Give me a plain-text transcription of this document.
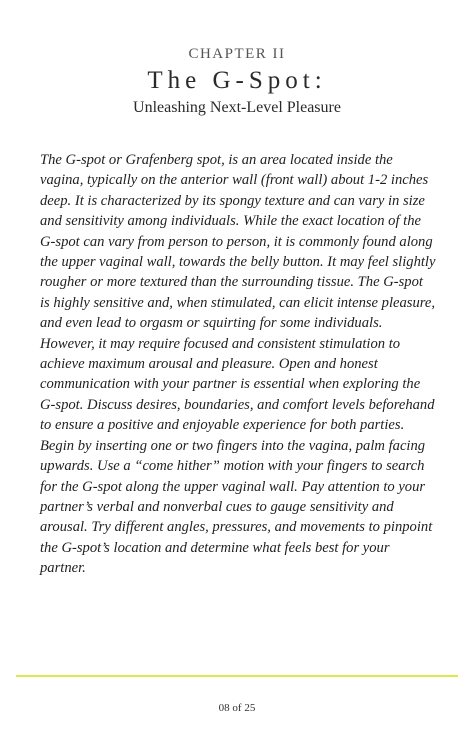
CHAPTER II
The G-Spot:
Unleashing Next-Level Pleasure

The G-spot or Grafenberg spot, is an area located inside the vagina, typically on the anterior wall (front wall) about 1-2 inches deep. It is characterized by its spongy texture and can vary in size and sensitivity among individuals. While the exact location of the G-spot can vary from person to person, it is commonly found along the upper vaginal wall, towards the belly button. It may feel slightly rougher or more textured than the surrounding tissue. The G-spot is highly sensitive and, when stimulated, can elicit intense pleasure, and even lead to orgasm or squirting for some individuals. However, it may require focused and consistent stimulation to achieve maximum arousal and pleasure. Open and honest communication with your partner is essential when exploring the G-spot. Discuss desires, boundaries, and comfort levels beforehand to ensure a positive and enjoyable experience for both parties.

Begin by inserting one or two fingers into the vagina, palm facing upwards. Use a “come hither” motion with your fingers to search for the G-spot along the upper vaginal wall. Pay attention to your partner’s verbal and nonverbal cues to gauge sensitivity and arousal. Try different angles, pressures, and movements to pinpoint the G-spot’s location and determine what feels best for your partner.

08 of 25
